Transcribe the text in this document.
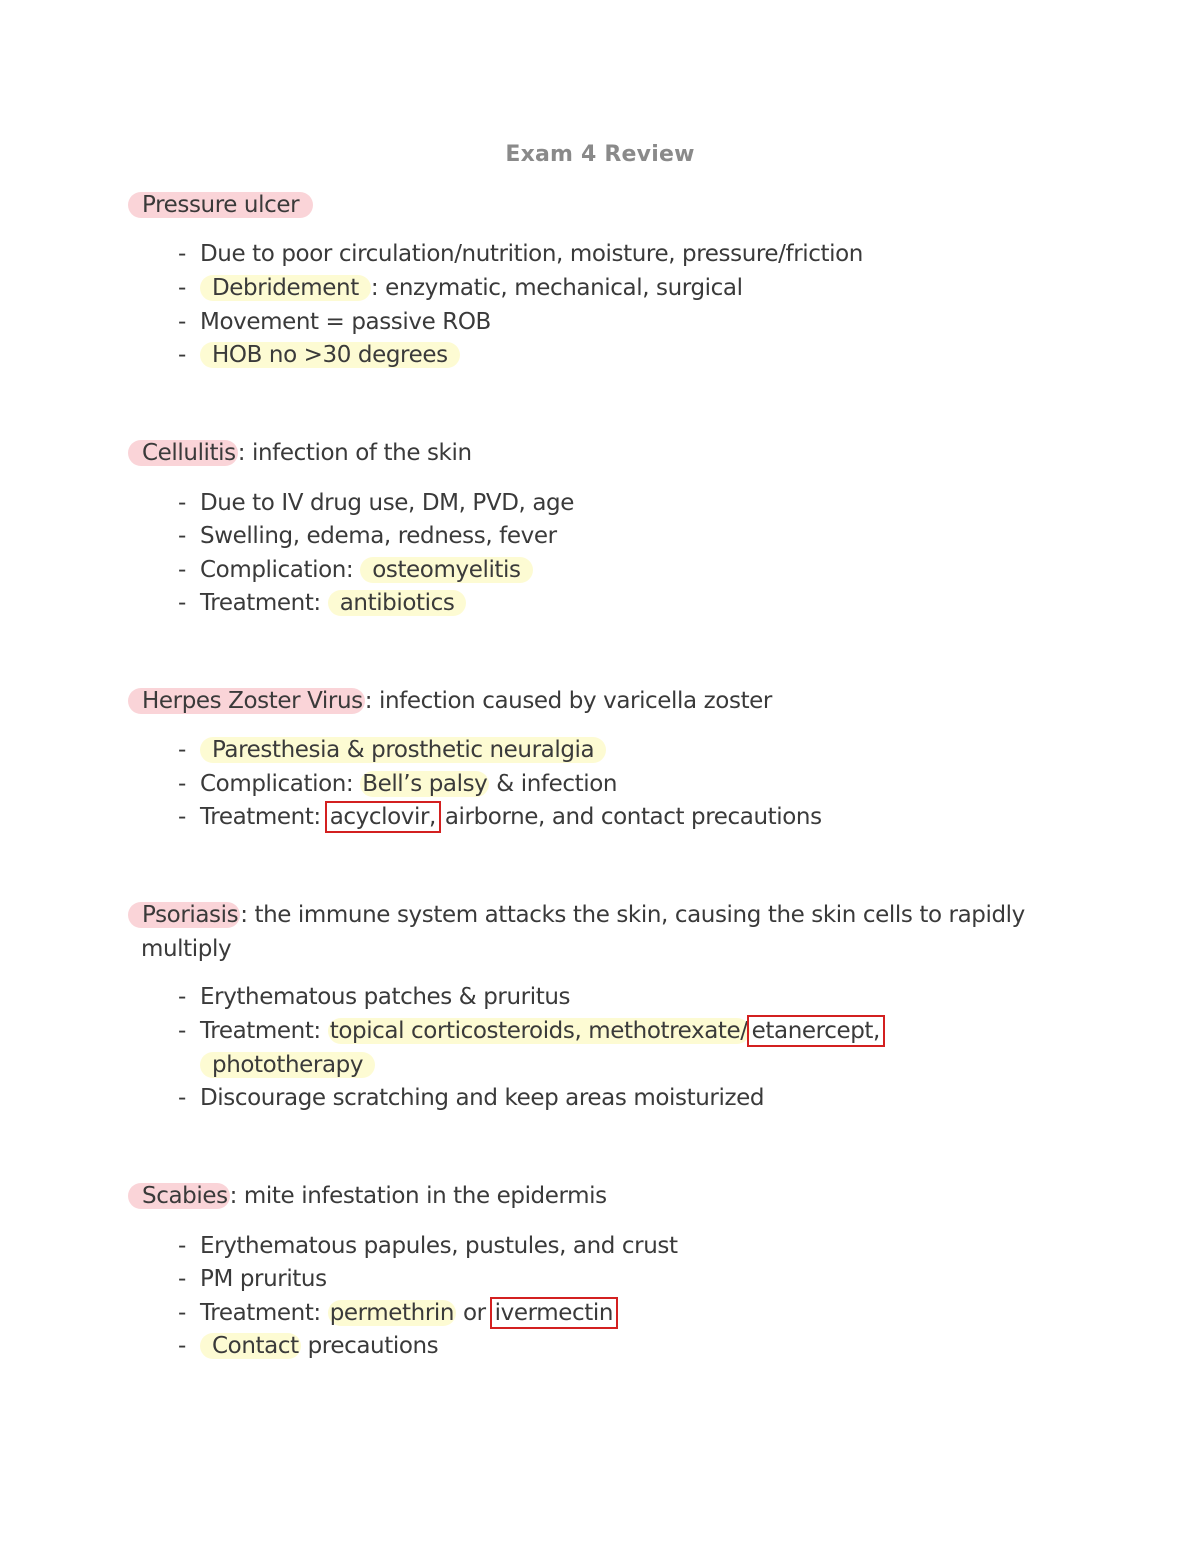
Exam 4 Review
Pressure ulcer
- Due to poor circulation/nutrition, moisture, pressure/friction
- Debridement : enzymatic, mechanical, surgical
- Movement = passive ROB
- HOB no >30 degrees
Cellulitis: infection of the skin
- Due to IV drug use, DM, PVD, age
- Swelling, edema, redness, fever
- Complication: osteomyelitis
- Treatment: antibiotics
Herpes Zoster Virus: infection caused by varicella zoster
- Paresthesia & prosthetic neuralgia
- Complication: Bell’s palsy & infection
- Treatment: acyclovir, airborne, and contact precautions
Psoriasis: the immune system attacks the skin, causing the skin cells to rapidly
multiply
- Erythematous patches & pruritus
- Treatment: topical corticosteroids, methotrexate/ etanercept,
phototherapy
- Discourage scratching and keep areas moisturized
Scabies: mite infestation in the epidermis
- Erythematous papules, pustules, and crust
- PM pruritus
- Treatment: permethrin or ivermectin
- Contact precautions
